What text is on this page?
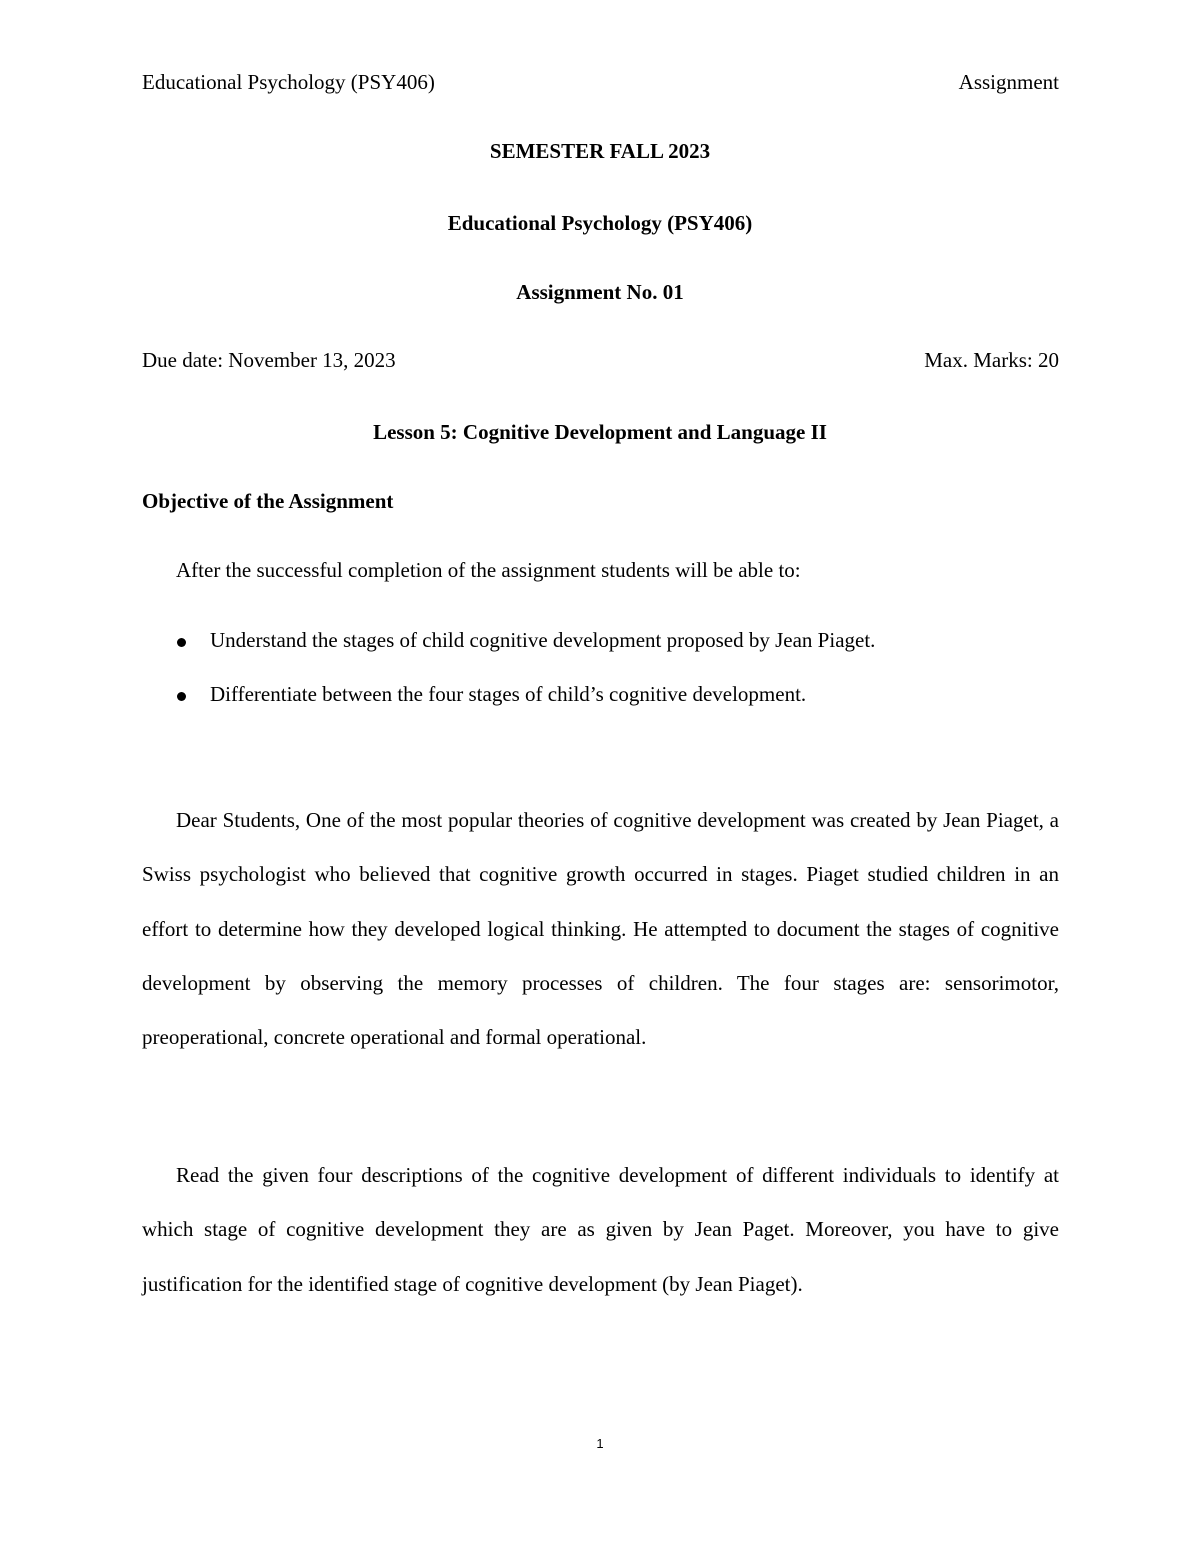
Educational Psychology (PSY406)	Assignment
SEMESTER FALL 2023
Educational Psychology (PSY406)
Assignment No. 01
Due date: November 13, 2023	Max. Marks: 20
Lesson 5: Cognitive Development and Language II
Objective of the Assignment
After the successful completion of the assignment students will be able to:
Understand the stages of child cognitive development proposed by Jean Piaget.
Differentiate between the four stages of child’s cognitive development.

Dear Students, One of the most popular theories of cognitive development was created by Jean Piaget, a Swiss psychologist who believed that cognitive growth occurred in stages. Piaget studied children in an effort to determine how they developed logical thinking. He attempted to document the stages of cognitive development by observing the memory processes of children. The four stages are: sensorimotor, preoperational, concrete operational and formal operational.

Read the given four descriptions of the cognitive development of different individuals to identify at which stage of cognitive development they are as given by Jean Paget. Moreover, you have to give justification for the identified stage of cognitive development (by Jean Piaget).

1
